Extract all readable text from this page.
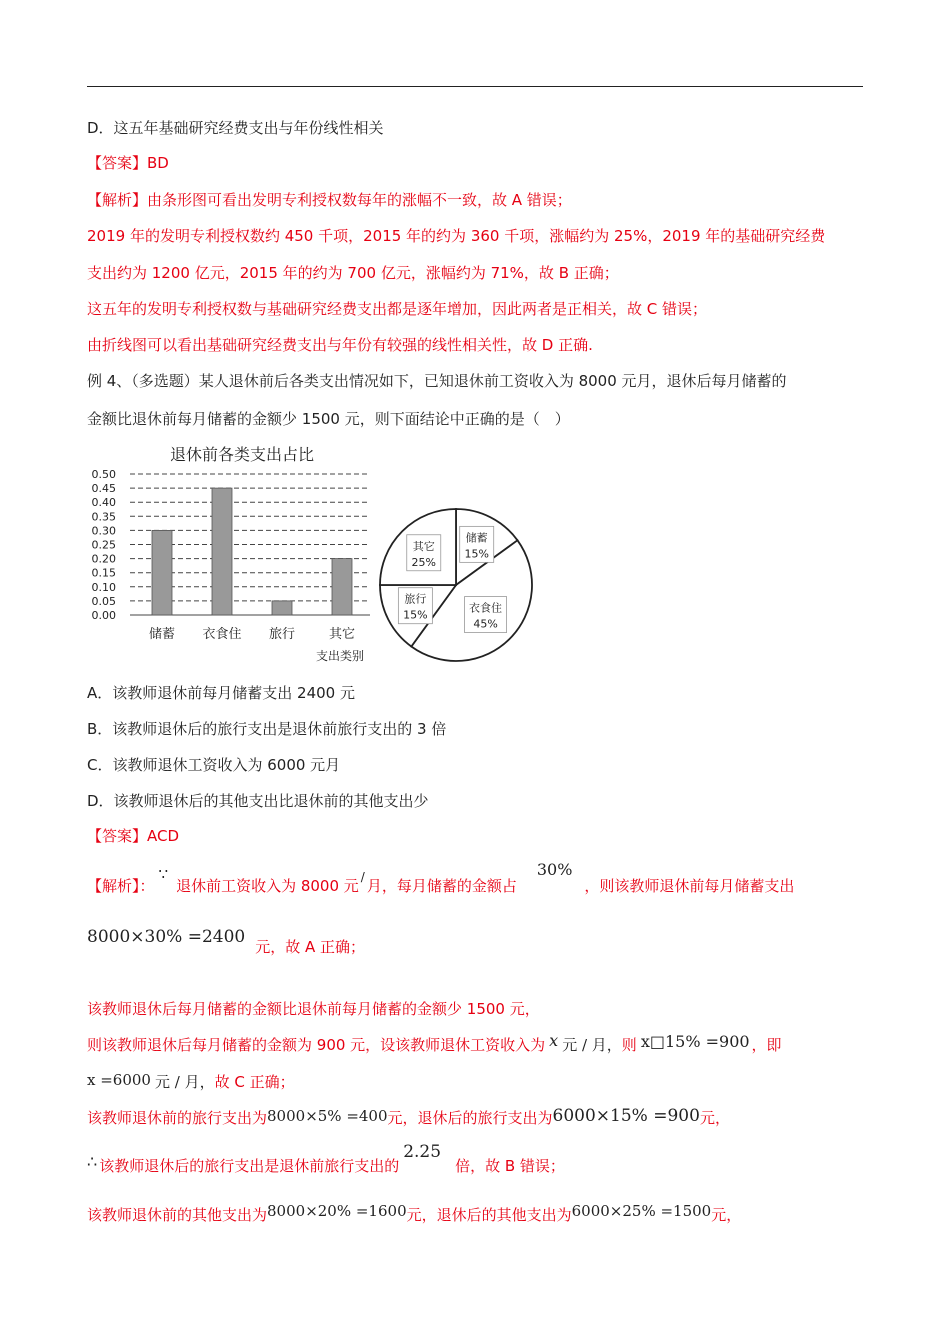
D．这五年基础研究经费支出与年份线性相关
【答案】BD
【解析】由条形图可看出发明专利授权数每年的涨幅不一致，故 A 错误；
2019 年的发明专利授权数约 450 千项，2015 年的约为 360 千项，涨幅约为 25%，2019 年的基础研究经费
支出约为 1200 亿元，2015 年的约为 700 亿元，涨幅约为 71%，故 B 正确；
这五年的发明专利授权数与基础研究经费支出都是逐年增加，因此两者是正相关，故 C 错误；
由折线图可以看出基础研究经费支出与年份有较强的线性相关性，故 D 正确.
例 4、（多选题）某人退休前后各类支出情况如下，已知退休前工资收入为 8000 元月，退休后每月储蓄的
金额比退休前每月储蓄的金额少 1500 元，则下面结论中正确的是（　）
退休前各类支出占比
0.00
0.05
0.10
0.15
0.20
0.25
0.30
0.35
0.40
0.45
0.50
储蓄 衣食住 旅行	其它
支出类别
储蓄
15%
衣食住
45%
旅行
15%
其它
25%
A．该教师退休前每月储蓄支出 2400 元
B．该教师退休后的旅行支出是退休前旅行支出的 3 倍
C．该教师退休工资收入为 6000 元月
D．该教师退休后的其他支出比退休前的其他支出少
【答案】ACD
【解析】：∵退休前工资收入为 8000 元 / 月，每月储蓄的金额占30%，则该教师退休前每月储蓄支出
8000×30% =2400 元，故 A 正确；
该教师退休后每月储蓄的金额比退休前每月储蓄的金额少 1500 元，
则该教师退休后每月储蓄的金额为 900 元，设该教师退休工资收入为 x 元 / 月，则 x□15% =900 ，即
x =6000 元 / 月，故 C 正确；
该教师退休前的旅行支出为8000×5% =400元，退休后的旅行支出为6000×15% =900元，
∴ 该教师退休后的旅行支出是退休前旅行支出的2.25倍，故 B 错误；
该教师退休前的其他支出为8000×20% =1600元，退休后的其他支出为6000×25% =1500元，
